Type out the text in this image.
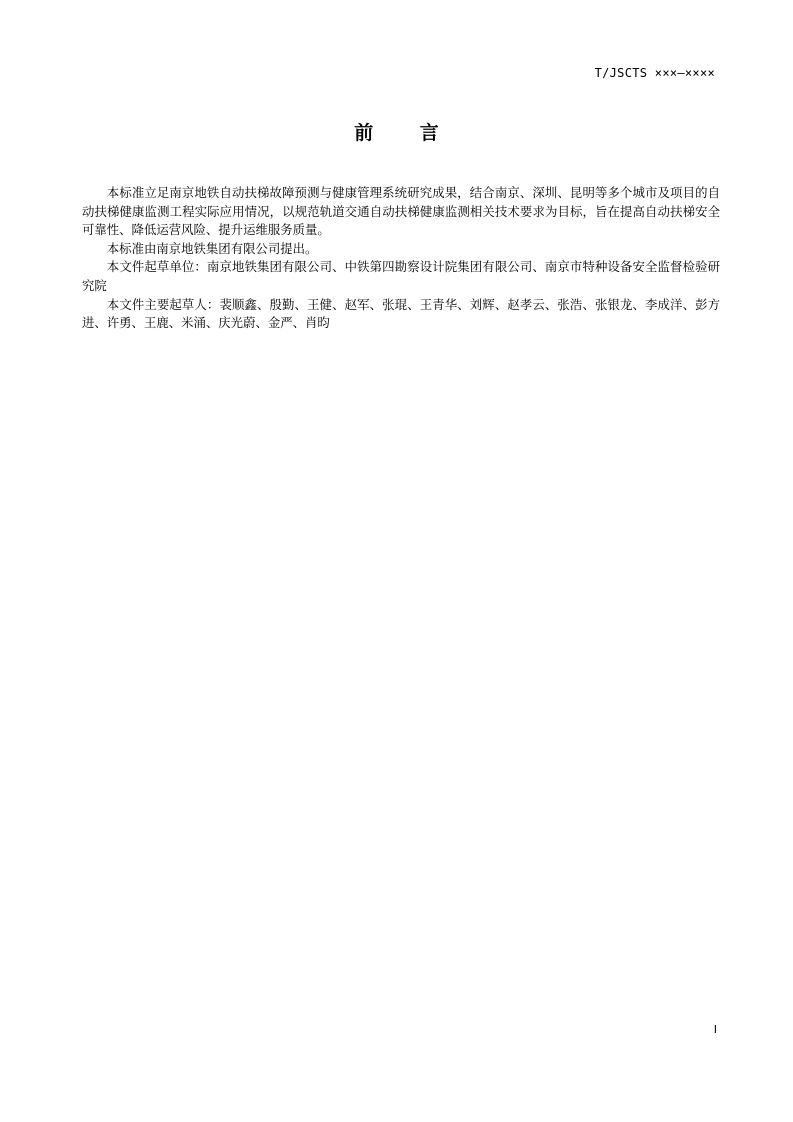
T/JSCTS ×××—××××
前 言

本标准立足南京地铁自动扶梯故障预测与健康管理系统研究成果，结合南京、深圳、昆明等多个城市及项目的自动扶梯健康监测工程实际应用情况，以规范轨道交通自动扶梯健康监测相关技术要求为目标，旨在提高自动扶梯安全可靠性、降低运营风险、提升运维服务质量。

本标准由南京地铁集团有限公司提出。

本文件起草单位：南京地铁集团有限公司、中铁第四勘察设计院集团有限公司、南京市特种设备安全监督检验研究院

本文件主要起草人：裴顺鑫、殷勤、王健、赵军、张琨、王青华、刘辉、赵孝云、张浩、张银龙、李成洋、彭方进、许勇、王鹿、米涌、庆光蔚、金严、肖昀

I
